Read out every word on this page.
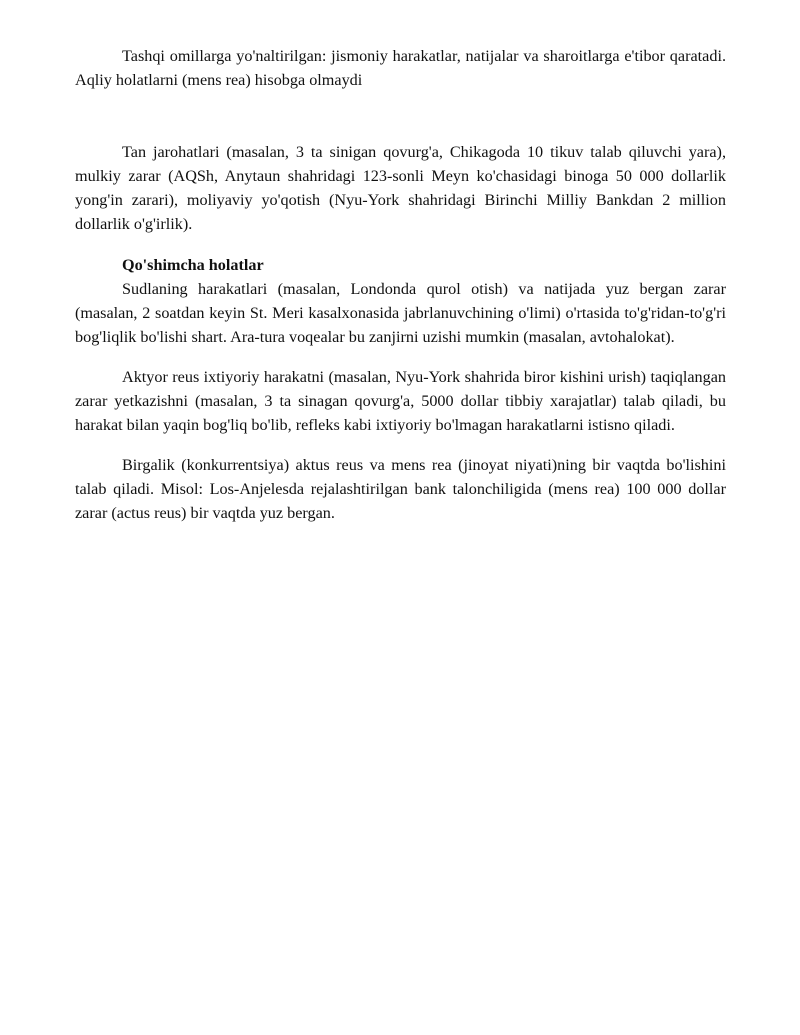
Tashqi omillarga yo'naltirilgan: jismoniy harakatlar, natijalar va sharoitlarga e'tibor qaratadi. Aqliy holatlarni (mens rea) hisobga olmaydi

Tan jarohatlari (masalan, 3 ta sinigan qovurg'a, Chikagoda 10 tikuv talab qiluvchi yara), mulkiy zarar (AQSh, Anytaun shahridagi 123-sonli Meyn ko'chasidagi binoga 50 000 dollarlik yong'in zarari), moliyaviy yo'qotish (Nyu-York shahridagi Birinchi Milliy Bankdan 2 million dollarlik o'g'irlik).

Qo'shimcha holatlar

Sudlaning harakatlari (masalan, Londonda qurol otish) va natijada yuz bergan zarar (masalan, 2 soatdan keyin St. Meri kasalxonasida jabrlanuvchining o'limi) o'rtasida to'g'ridan-to'g'ri bog'liqlik bo'lishi shart. Ara-tura voqealar bu zanjirni uzishi mumkin (masalan, avtohalokat).

Aktyor reus ixtiyoriy harakatni (masalan, Nyu-York shahrida biror kishini urish) taqiqlangan zarar yetkazishni (masalan, 3 ta sinagan qovurg'a, 5000 dollar tibbiy xarajatlar) talab qiladi, bu harakat bilan yaqin bog'liq bo'lib, refleks kabi ixtiyoriy bo'lmagan harakatlarni istisno qiladi.

Birgalik (konkurrentsiya) aktus reus va mens rea (jinoyat niyati)ning bir vaqtda bo'lishini talab qiladi. Misol: Los-Anjelesda rejalashtirilgan bank talonchiligida (mens rea) 100 000 dollar zarar (actus reus) bir vaqtda yuz bergan.
